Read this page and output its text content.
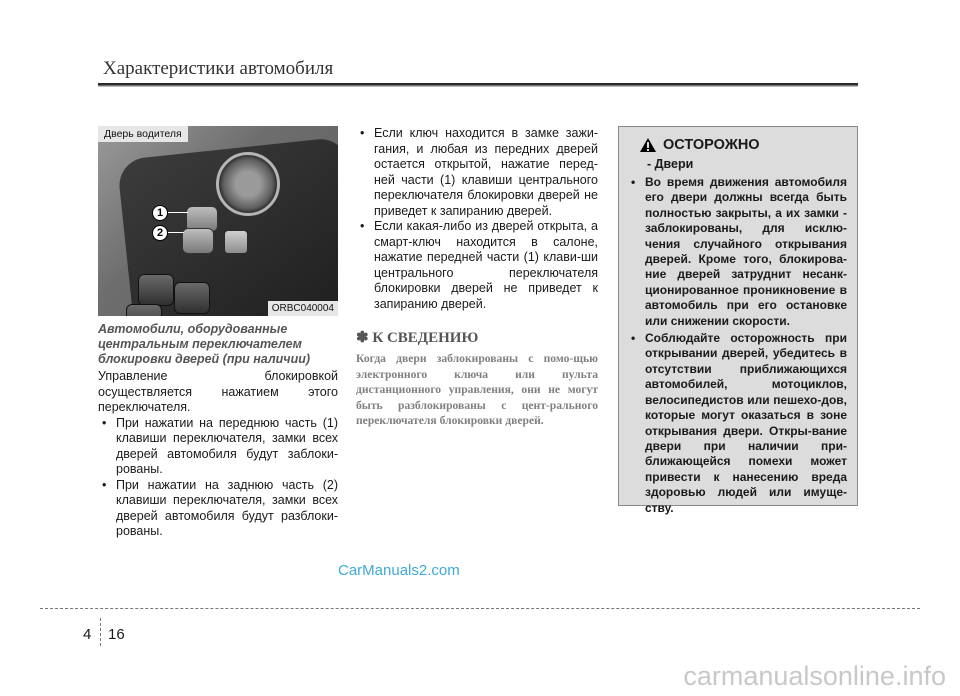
Характеристики автомобиля
1
2
Дверь водителя
ORBC040004

Автомобили, оборудованные центральным переключателем блокировки дверей (при наличии)

Управление блокировкой осуществляется нажатием этого переключателя.

• При нажатии на переднюю часть (1) клавиши переключателя, замки всех дверей автомобиля будут заблоки-рованы.
• При нажатии на заднюю часть (2) клавиши переключателя, замки всех дверей автомобиля будут разблоки-рованы.
• Если ключ находится в замке зажи-гания, и любая из передних дверей остается открытой, нажатие перед-ней части (1) клавиши центрального переключателя блокировки дверей не приведет к запиранию дверей.
• Если какая-либо из дверей открыта, а смарт-ключ находится в салоне, нажатие передней части (1) клави-ши центрального переключателя блокировки дверей не приведет к запиранию дверей.

✽ К СВЕДЕНИЮ

Когда двери заблокированы с помо-щью электронного ключа или пульта дистанционного управления, они не могут быть разблокированы с цент-рального переключателя блокировки дверей.

ОСТОРОЖНО
- Двери
• Во время движения автомобиля его двери должны всегда быть полностью закрыты, а их замки - заблокированы, для исклю-чения случайного открывания дверей. Кроме того, блокирова-ние дверей затруднит несанк-ционированное проникновение в автомобиль при его остановке или снижении скорости.
• Соблюдайте осторожность при открывании дверей, убедитесь в отсутствии приближающихся автомобилей, мотоциклов, велосипедистов или пешехо-дов, которые могут оказаться в зоне открывания двери. Откры-вание двери при наличии при-ближающейся помехи может привести к нанесению вреда здоровью людей или имуще-ству.
CarManuals2.com
4 16
carmanualsonline.info
